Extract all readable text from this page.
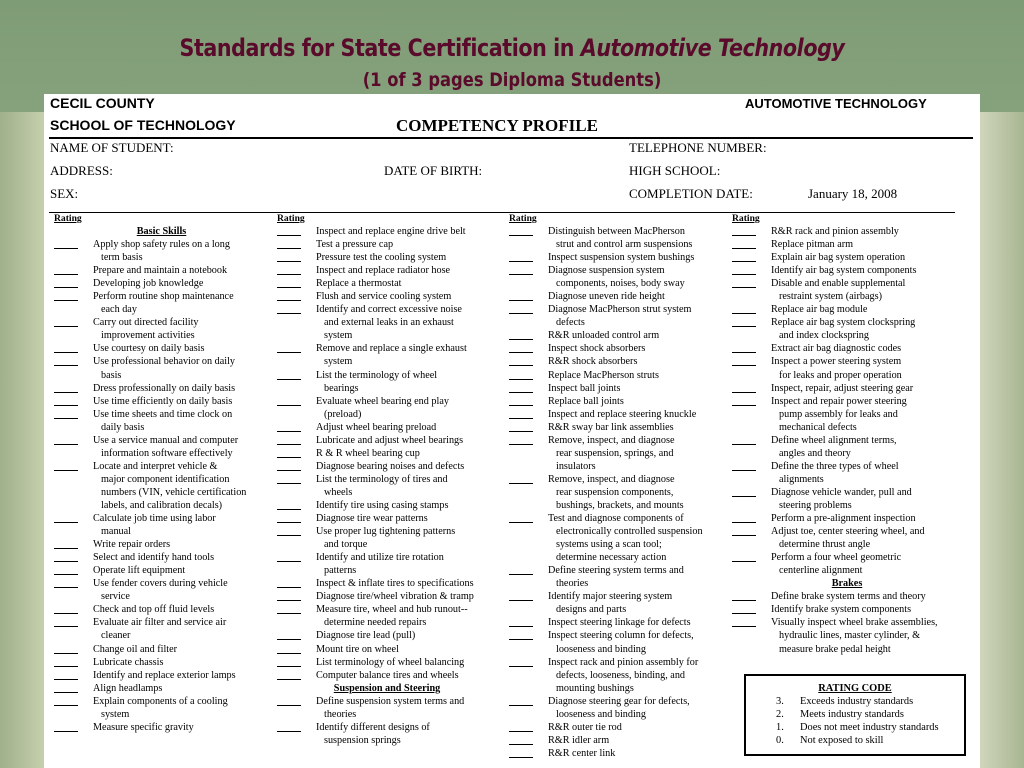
Standards for State Certification in Automotive Technology
(1 of 3 pages Diploma Students)
CECIL COUNTY
SCHOOL OF TECHNOLOGY
AUTOMOTIVE TECHNOLOGY
COMPETENCY PROFILE
NAME OF STUDENT:	TELEPHONE NUMBER:
ADDRESS:	DATE OF BIRTH:	HIGH SCHOOL:
SEX:	COMPLETION DATE:	January 18, 2008
Rating
Basic Skills
Apply shop safety rules on a long
term basis
Prepare and maintain a notebook
Developing job knowledge
Perform routine shop maintenance
each day
Carry out directed facility
improvement activities
Use courtesy on daily basis
Use professional behavior on daily
basis
Dress professionally on daily basis
Use time efficiently on daily basis
Use time sheets and time clock on
daily basis
Use a service manual and computer
information software effectively
Locate and interpret vehicle &
major component identification
numbers (VIN, vehicle certification
labels, and calibration decals)
Calculate job time using labor
manual
Write repair orders
Select and identify hand tools
Operate lift equipment
Use fender covers during vehicle
service
Check and top off fluid levels
Evaluate air filter and service air
cleaner
Change oil and filter
Lubricate chassis
Identify and replace exterior lamps
Align headlamps
Explain components of a cooling
system
Measure specific gravity
Rating
Inspect and replace engine drive belt
Test a pressure cap
Pressure test the cooling system
Inspect and replace radiator hose
Replace a thermostat
Flush and service cooling system
Identify and correct excessive noise
and external leaks in an exhaust
system
Remove and replace a single exhaust
system
List the terminology of wheel
bearings
Evaluate wheel bearing end play
(preload)
Adjust wheel bearing preload
Lubricate and adjust wheel bearings
R & R wheel bearing cup
Diagnose bearing noises and defects
List the terminology of tires and
wheels
Identify tire using casing stamps
Diagnose tire wear patterns
Use proper lug tightening patterns
and torque
Identify and utilize tire rotation
patterns
Inspect & inflate tires to specifications
Diagnose tire/wheel vibration & tramp
Measure tire, wheel and hub runout--
determine needed repairs
Diagnose tire lead (pull)
Mount tire on wheel
List terminology of wheel balancing
Computer balance tires and wheels
Suspension and Steering
Define suspension system terms and
theories
Identify different designs of
suspension springs
Rating
Distinguish between MacPherson
strut and control arm suspensions
Inspect suspension system bushings
Diagnose suspension system
components, noises, body sway
Diagnose uneven ride height
Diagnose MacPherson strut system
defects
R&R unloaded control arm
Inspect shock absorbers
R&R shock absorbers
Replace MacPherson struts
Inspect ball joints
Replace ball joints
Inspect and replace steering knuckle
R&R sway bar link assemblies
Remove, inspect, and diagnose
rear suspension, springs, and
insulators
Remove, inspect, and diagnose
rear suspension components,
bushings, brackets, and mounts
Test and diagnose components of
electronically controlled suspension
systems using a scan tool;
determine necessary action
Define steering system terms and
theories
Identify major steering system
designs and parts
Inspect steering linkage for defects
Inspect steering column for defects,
looseness and binding
Inspect rack and pinion assembly for
defects, looseness, binding, and
mounting bushings
Diagnose steering gear for defects,
looseness and binding
R&R outer tie rod
R&R idler arm
R&R center link
Rating
R&R rack and pinion assembly
Replace pitman arm
Explain air bag system operation
Identify air bag system components
Disable and enable supplemental
restraint system (airbags)
Replace air bag module
Replace air bag system clockspring
and index clockspring
Extract air bag diagnostic codes
Inspect a power steering system
for leaks and proper operation
Inspect, repair, adjust steering gear
Inspect and repair power steering
pump assembly for leaks and
mechanical defects
Define wheel alignment terms,
angles and theory
Define the three types of wheel
alignments
Diagnose vehicle wander, pull and
steering problems
Perform a pre-alignment inspection
Adjust toe, center steering wheel, and
determine thrust angle
Perform a four wheel geometric
centerline alignment
Brakes
Define brake system terms and theory
Identify brake system components
Visually inspect wheel brake assemblies,
hydraulic lines, master cylinder, &
measure brake pedal height
RATING CODE
3.	Exceeds industry standards
2.	Meets industry standards
1.	Does not meet industry standards
0.	Not exposed to skill
